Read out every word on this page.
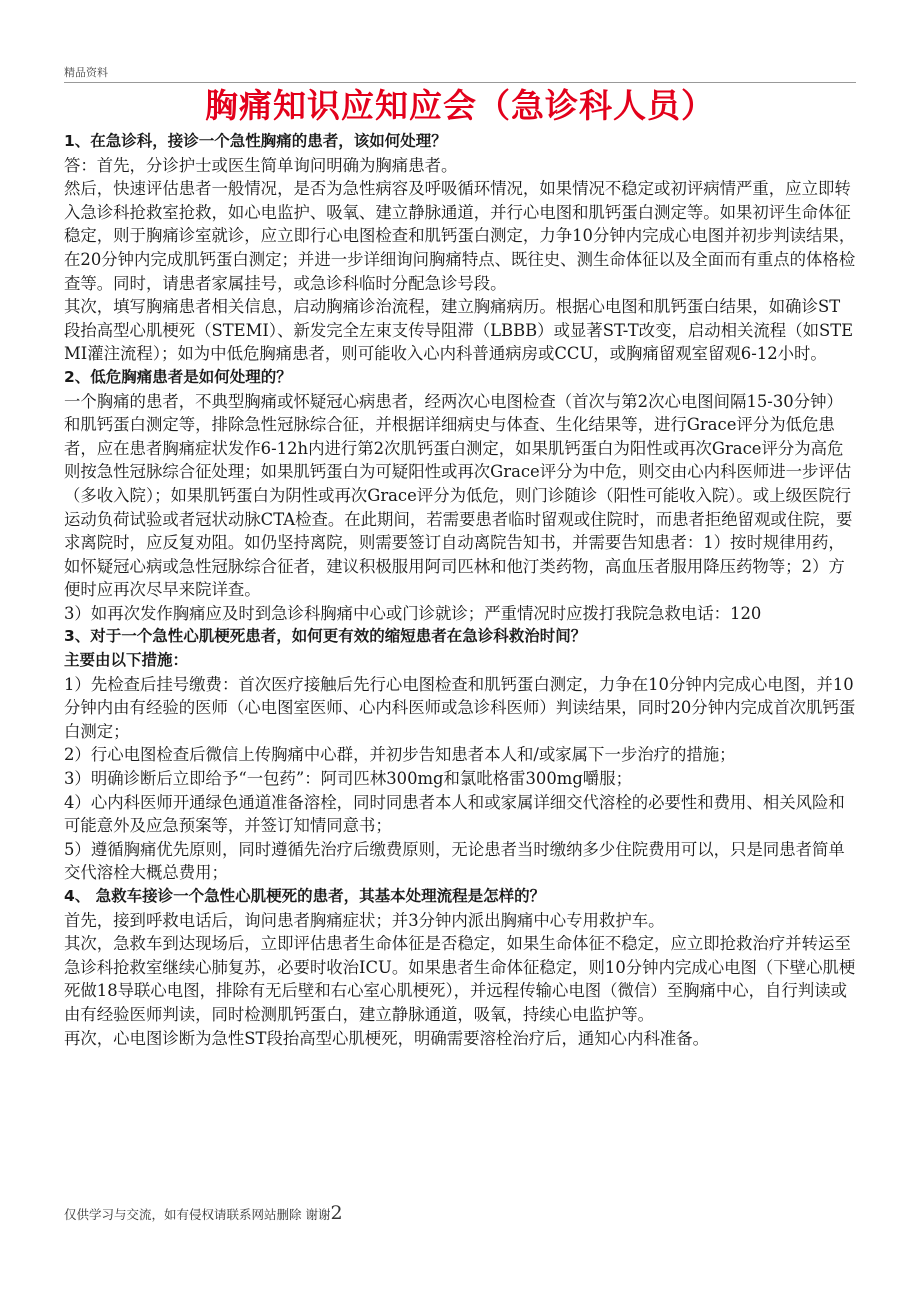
精品资料
胸痛知识应知应会（急诊科人员）

1、在急诊科，接诊一个急性胸痛的患者，该如何处理？

答：首先，分诊护士或医生简单询问明确为胸痛患者。

然后，快速评估患者一般情况，是否为急性病容及呼吸循环情况，如果情况不稳定或初评病情严重，应立即转入急诊科抢救室抢救，如心电监护、吸氧、建立静脉通道，并行心电图和肌钙蛋白测定等。如果初评生命体征稳定，则于胸痛诊室就诊，应立即行心电图检查和肌钙蛋白测定，力争10分钟内完成心电图并初步判读结果，在20分钟内完成肌钙蛋白测定；并进一步详细询问胸痛特点、既往史、测生命体征以及全面而有重点的体格检查等。同时，请患者家属挂号，或急诊科临时分配急诊号段。

其次，填写胸痛患者相关信息，启动胸痛诊治流程，建立胸痛病历。根据心电图和肌钙蛋白结果，如确诊ST段抬高型心肌梗死（STEMI）、新发完全左束支传导阻滞（LBBB）或显著ST-T改变，启动相关流程（如STEMI灌注流程）；如为中低危胸痛患者，则可能收入心内科普通病房或CCU，或胸痛留观室留观6-12小时。

2、低危胸痛患者是如何处理的？

一个胸痛的患者，不典型胸痛或怀疑冠心病患者，经两次心电图检查（首次与第2次心电图间隔15-30分钟）和肌钙蛋白测定等，排除急性冠脉综合征，并根据详细病史与体查、生化结果等，进行Grace评分为低危患者，应在患者胸痛症状发作6-12h内进行第2次肌钙蛋白测定，如果肌钙蛋白为阳性或再次Grace评分为高危则按急性冠脉综合征处理；如果肌钙蛋白为可疑阳性或再次Grace评分为中危，则交由心内科医师进一步评估（多收入院）；如果肌钙蛋白为阴性或再次Grace评分为低危，则门诊随诊（阳性可能收入院）。或上级医院行运动负荷试验或者冠状动脉CTA检查。在此期间，若需要患者临时留观或住院时，而患者拒绝留观或住院，要求离院时，应反复劝阻。如仍坚持离院，则需要签订自动离院告知书，并需要告知患者：1）按时规律用药，如怀疑冠心病或急性冠脉综合征者，建议积极服用阿司匹林和他汀类药物，高血压者服用降压药物等；2）方便时应再次尽早来院详查。

3）如再次发作胸痛应及时到急诊科胸痛中心或门诊就诊；严重情况时应拨打我院急救电话：120

3、对于一个急性心肌梗死患者，如何更有效的缩短患者在急诊科救治时间？

主要由以下措施：

1）先检查后挂号缴费：首次医疗接触后先行心电图检查和肌钙蛋白测定，力争在10分钟内完成心电图，并10分钟内由有经验的医师（心电图室医师、心内科医师或急诊科医师）判读结果，同时20分钟内完成首次肌钙蛋白测定；

2）行心电图检查后微信上传胸痛中心群，并初步告知患者本人和/或家属下一步治疗的措施；

3）明确诊断后立即给予“一包药”：阿司匹林300mg和氯吡格雷300mg嚼服；

4）心内科医师开通绿色通道准备溶栓，同时同患者本人和或家属详细交代溶栓的必要性和费用、相关风险和可能意外及应急预案等，并签订知情同意书；

5）遵循胸痛优先原则，同时遵循先治疗后缴费原则，无论患者当时缴纳多少住院费用可以，只是同患者简单交代溶栓大概总费用；

4、 急救车接诊一个急性心肌梗死的患者，其基本处理流程是怎样的？

首先，接到呼救电话后，询问患者胸痛症状；并3分钟内派出胸痛中心专用救护车。

其次，急救车到达现场后，立即评估患者生命体征是否稳定，如果生命体征不稳定，应立即抢救治疗并转运至急诊科抢救室继续心肺复苏，必要时收治ICU。如果患者生命体征稳定，则10分钟内完成心电图（下壁心肌梗死做18导联心电图，排除有无后壁和右心室心肌梗死），并远程传输心电图（微信）至胸痛中心，自行判读或由有经验医师判读，同时检测肌钙蛋白，建立静脉通道，吸氧，持续心电监护等。

再次，心电图诊断为急性ST段抬高型心肌梗死，明确需要溶栓治疗后，通知心内科准备。

仅供学习与交流，如有侵权请联系网站删除 谢谢2
